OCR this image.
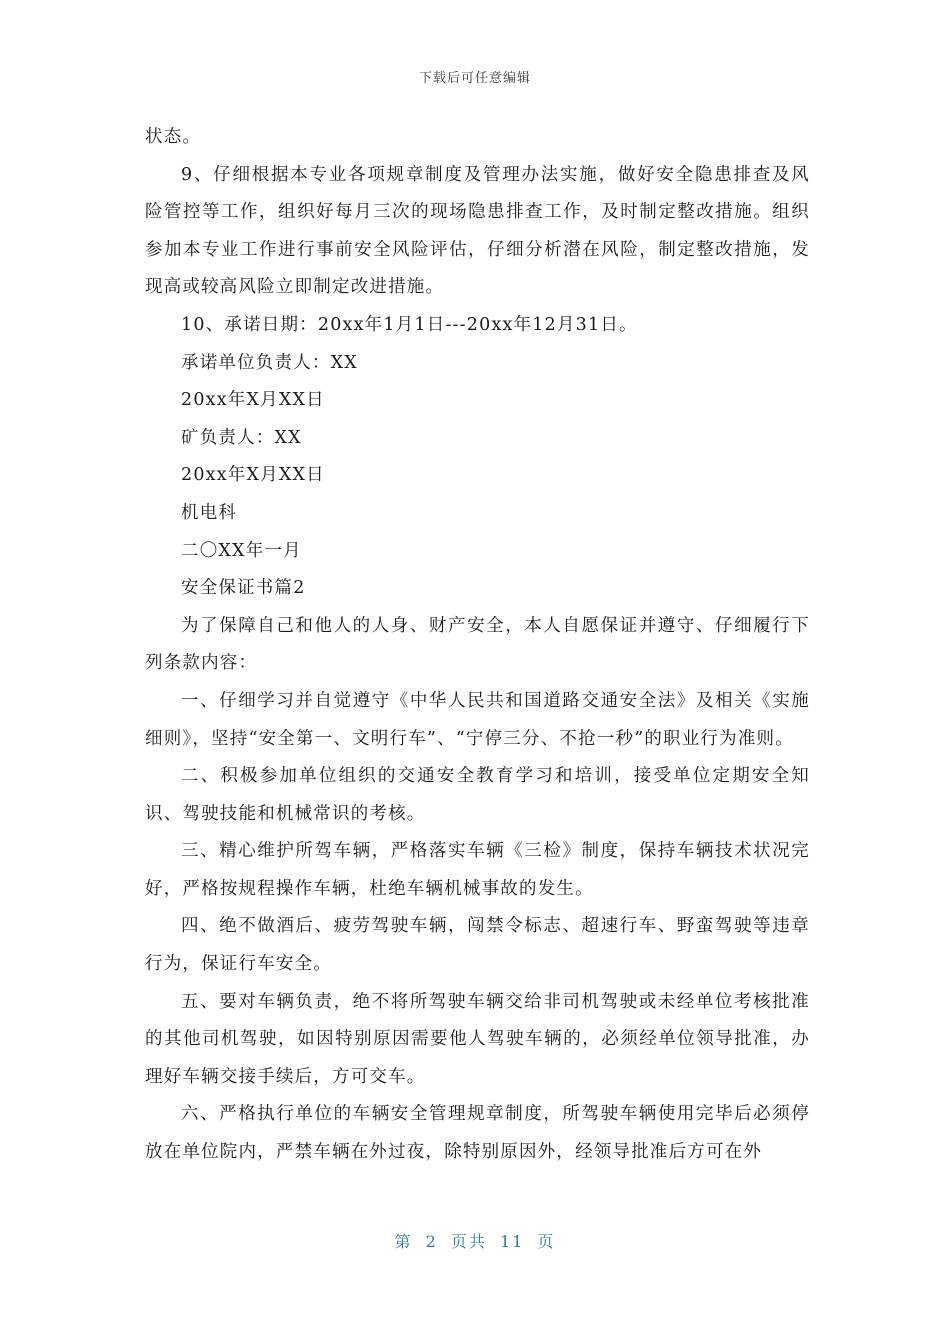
下载后可任意编辑

状态。

9、仔细根据本专业各项规章制度及管理办法实施，做好安全隐患排查及风险管控等工作，组织好每月三次的现场隐患排查工作，及时制定整改措施。组织参加本专业工作进行事前安全风险评估，仔细分析潜在风险，制定整改措施，发现高或较高风险立即制定改进措施。

10、承诺日期：20xx年1月1日---20xx年12月31日。

承诺单位负责人：XX

20xx年X月XX日

矿负责人：XX

20xx年X月XX日

机电科

二〇XX年一月

安全保证书篇2

为了保障自己和他人的人身、财产安全，本人自愿保证并遵守、仔细履行下列条款内容：

一、仔细学习并自觉遵守《中华人民共和国道路交通安全法》及相关《实施细则》，坚持“安全第一、文明行车”、“宁停三分、不抢一秒”的职业行为准则。

二、积极参加单位组织的交通安全教育学习和培训，接受单位定期安全知识、驾驶技能和机械常识的考核。

三、精心维护所驾车辆，严格落实车辆《三检》制度，保持车辆技术状况完好，严格按规程操作车辆，杜绝车辆机械事故的发生。

四、绝不做酒后、疲劳驾驶车辆，闯禁令标志、超速行车、野蛮驾驶等违章行为，保证行车安全。

五、要对车辆负责，绝不将所驾驶车辆交给非司机驾驶或未经单位考核批准的其他司机驾驶，如因特别原因需要他人驾驶车辆的，必须经单位领导批准，办理好车辆交接手续后，方可交车。

六、严格执行单位的车辆安全管理规章制度，所驾驶车辆使用完毕后必须停放在单位院内，严禁车辆在外过夜，除特别原因外，经领导批准后方可在外

第 2 页共 11 页
